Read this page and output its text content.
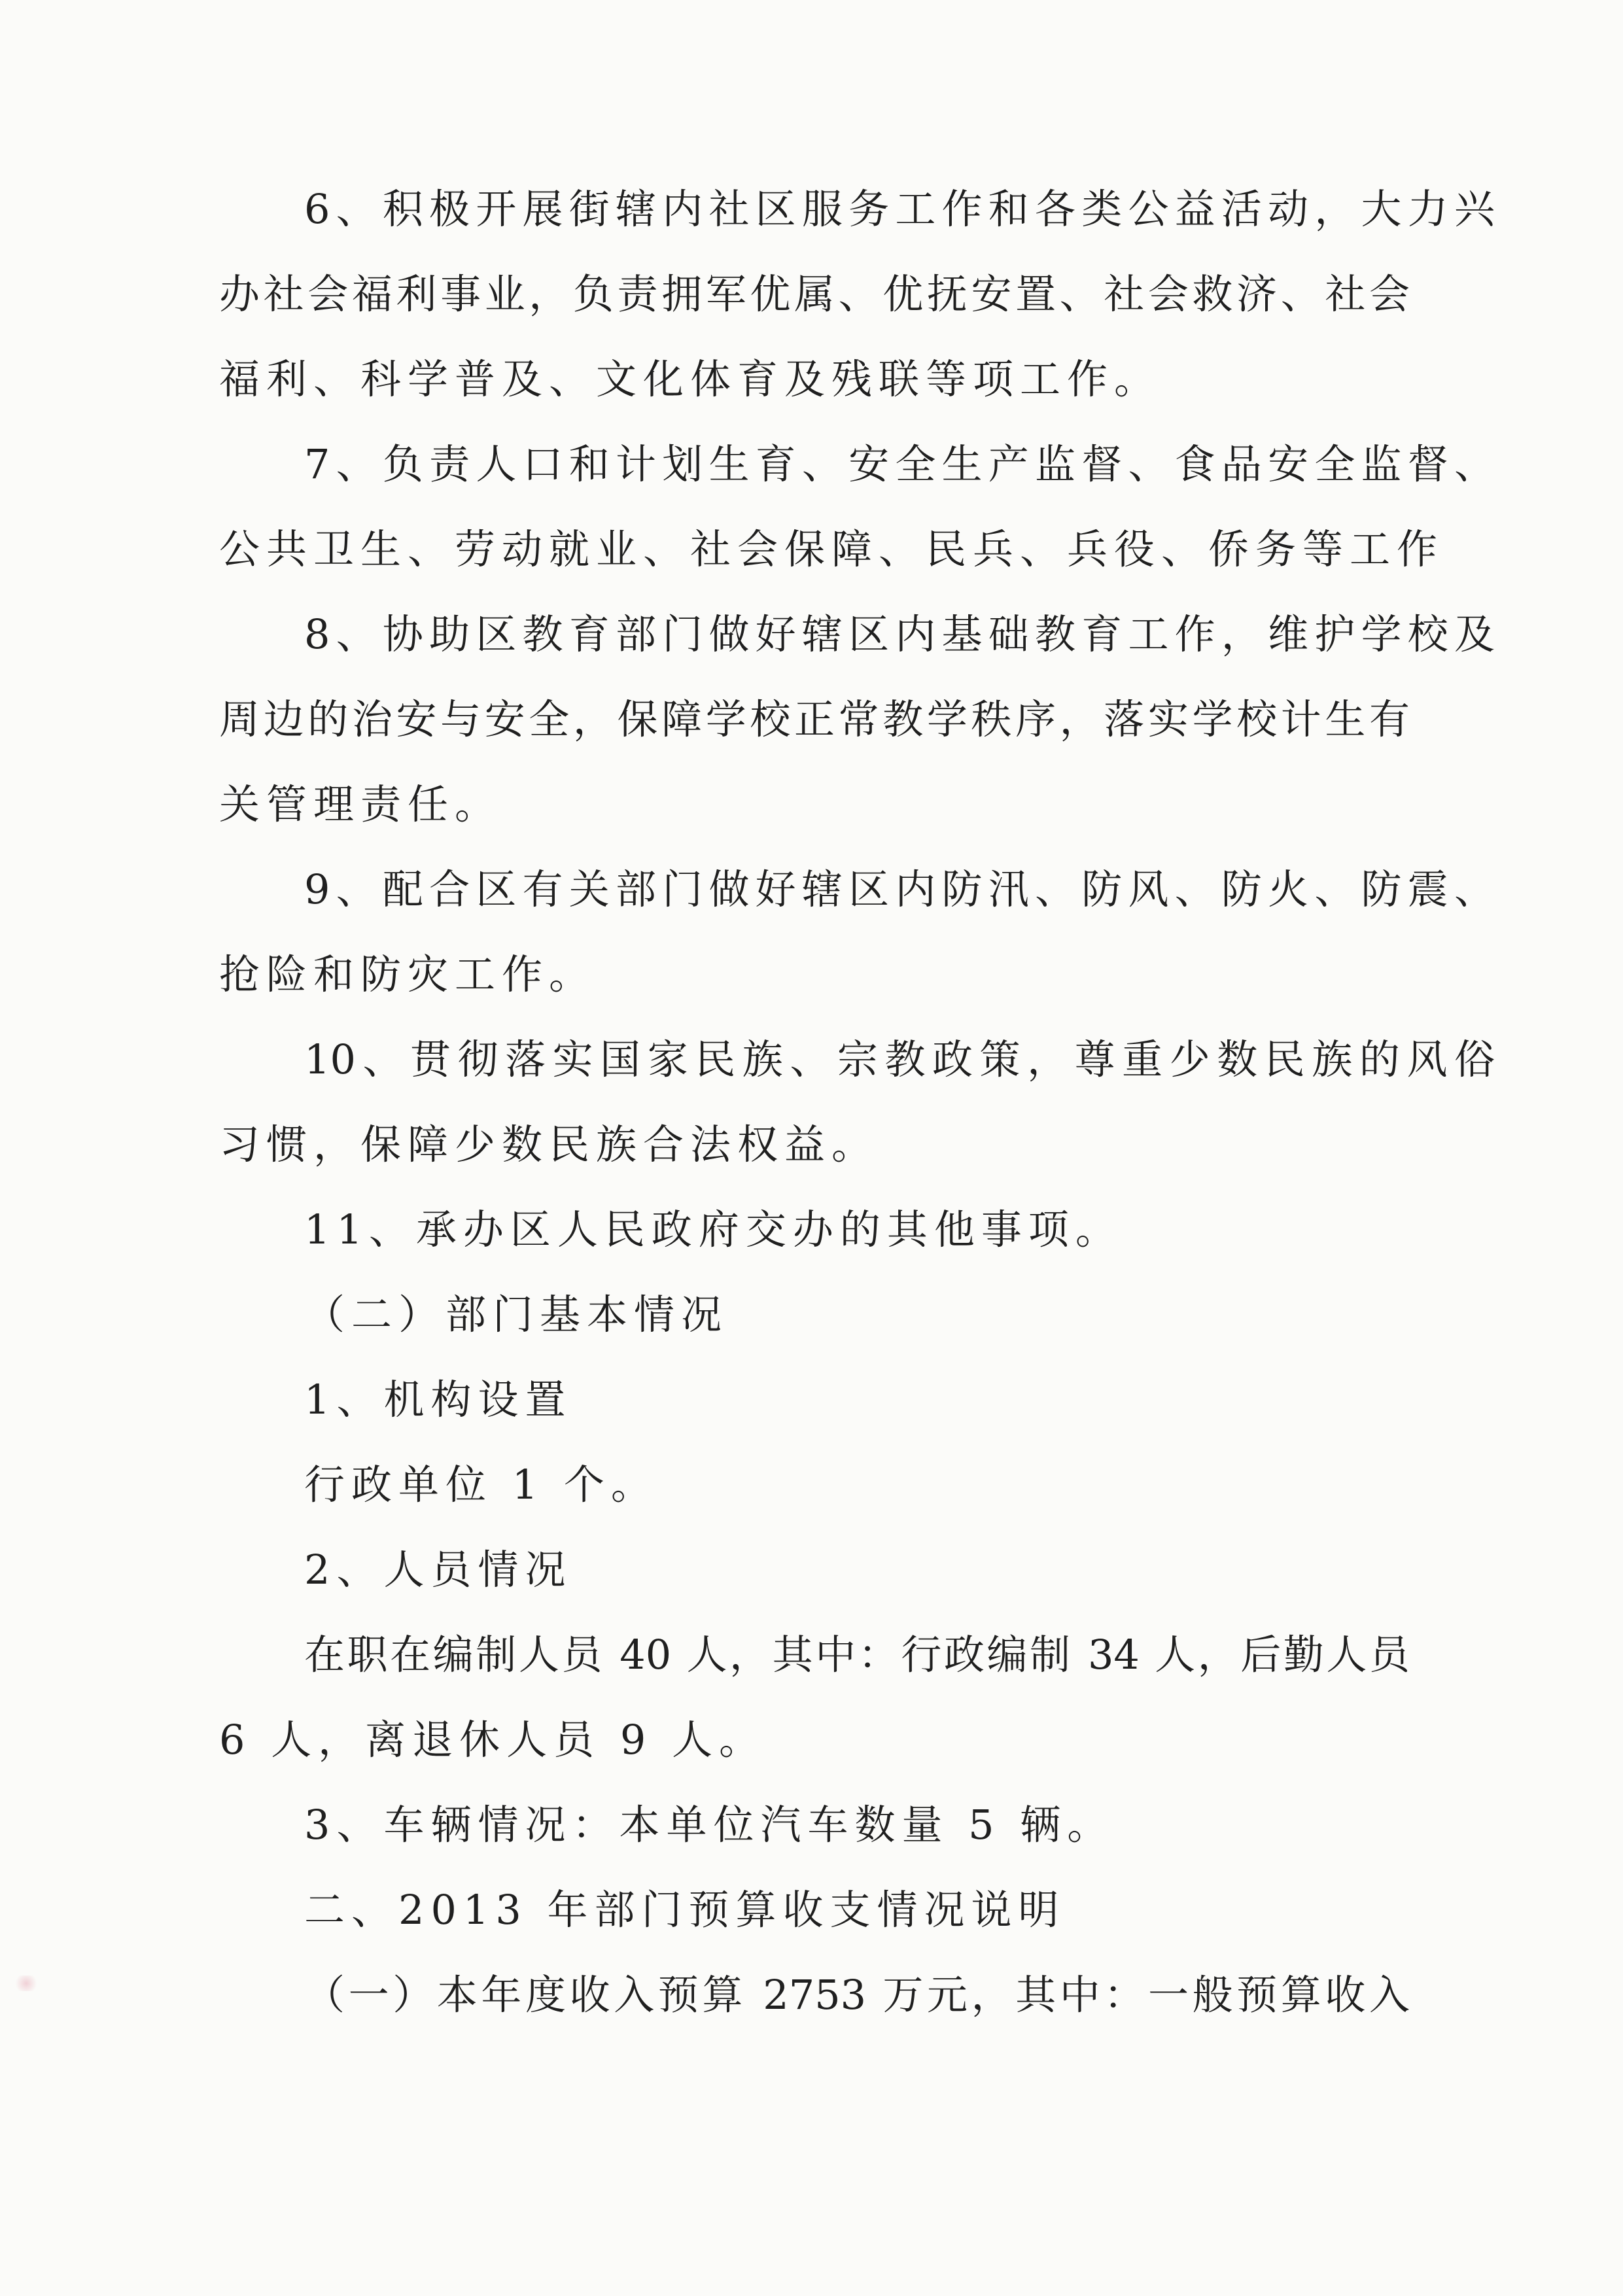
6、积极开展街辖内社区服务工作和各类公益活动，大力兴
办社会福利事业，负责拥军优属、优抚安置、社会救济、社会
福利、科学普及、文化体育及残联等项工作。
7、负责人口和计划生育、安全生产监督、食品安全监督、
公共卫生、劳动就业、社会保障、民兵、兵役、侨务等工作
8、协助区教育部门做好辖区内基础教育工作，维护学校及
周边的治安与安全，保障学校正常教学秩序，落实学校计生有
关管理责任。
9、配合区有关部门做好辖区内防汛、防风、防火、防震、
抢险和防灾工作。
10、贯彻落实国家民族、宗教政策，尊重少数民族的风俗
习惯，保障少数民族合法权益。
11、承办区人民政府交办的其他事项。
（二）部门基本情况
1、机构设置
行政单位 1 个。
2、人员情况
在职在编制人员 40 人，其中：行政编制 34 人，后勤人员
6 人，离退休人员 9 人。
3、车辆情况：本单位汽车数量 5 辆。
二、2013 年部门预算收支情况说明
（一）本年度收入预算 2753 万元，其中：一般预算收入
